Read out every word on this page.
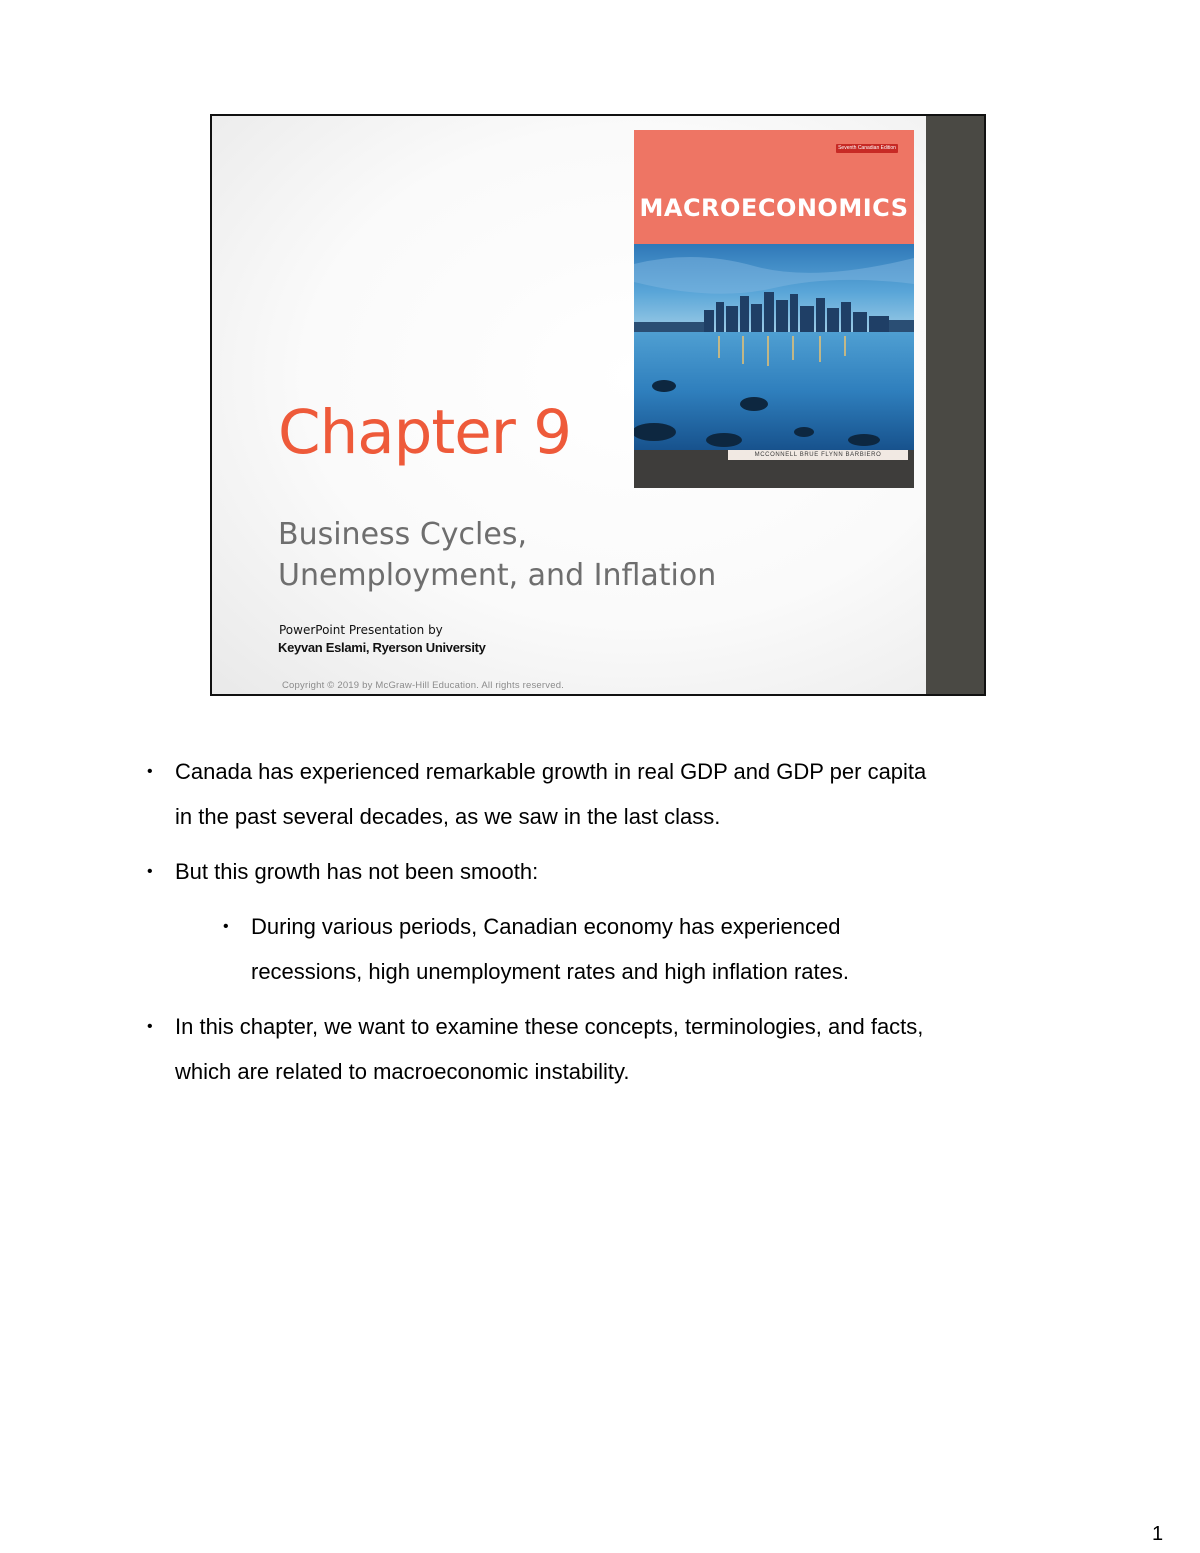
Seventh Canadian Edition
MACROECONOMICS
MCCONNELL BRUE FLYNN BARBIERO
Chapter 9
Business Cycles,
Unemployment, and Inflation
PowerPoint Presentation by
Keyvan Eslami, Ryerson University
Copyright © 2019 by McGraw-Hill Education. All rights reserved.
• Canada has experienced remarkable growth in real GDP and GDP per capita
in the past several decades, as we saw in the last class.
• But this growth has not been smooth:
• During various periods, Canadian economy has experienced
recessions, high unemployment rates and high inflation rates.
• In this chapter, we want to examine these concepts, terminologies, and facts,
which are related to macroeconomic instability.
1
